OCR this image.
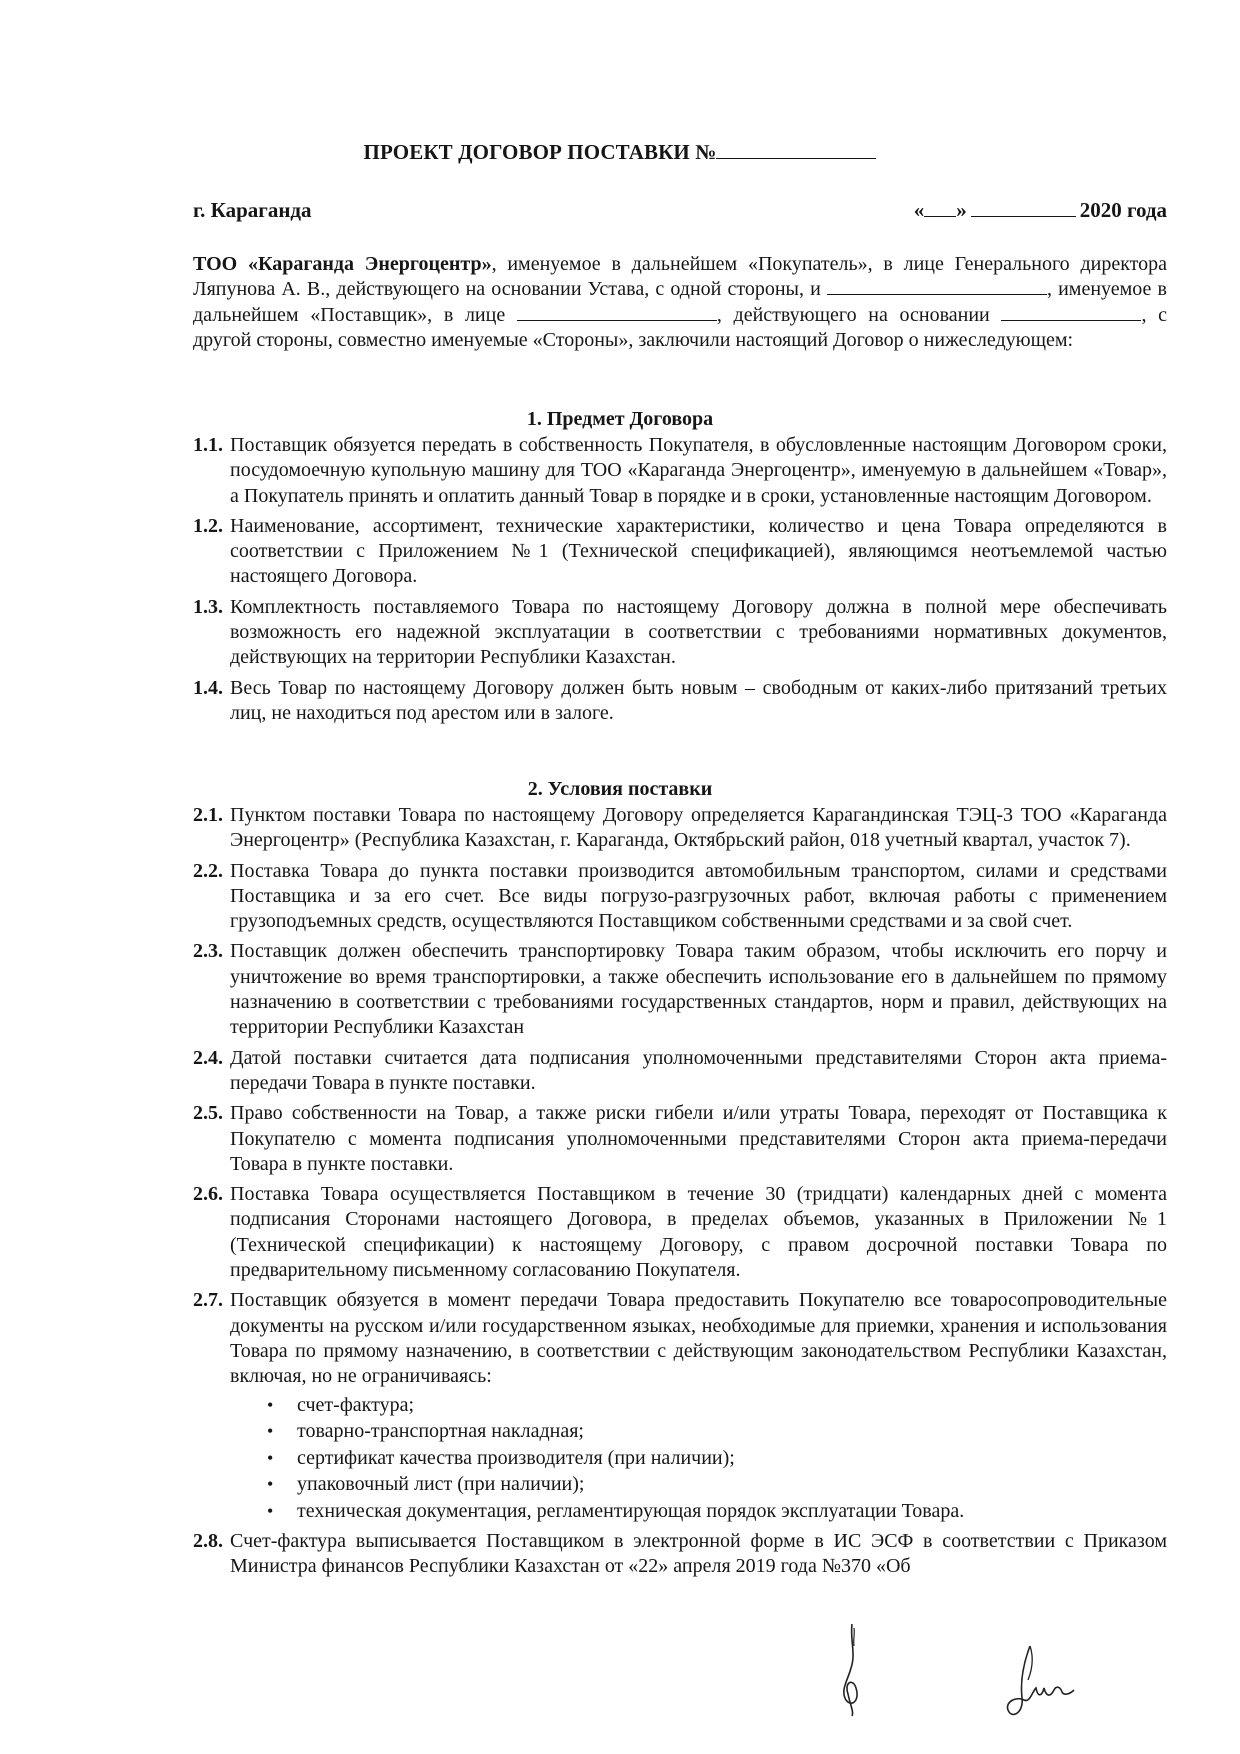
ПРОЕКТ ДОГОВОР ПОСТАВКИ №
г. Караганда	« »	2020 года
ТОО «Караганда Энергоцентр», именуемое в дальнейшем «Покупатель», в лице Генерального директора Ляпунова А. В., действующего на основании Устава, с одной стороны, и	, именуемое в дальнейшем «Поставщик», в лице	, действующего на основании	, с другой стороны, совместно именуемые «Стороны», заключили настоящий Договор о нижеследующем:
1. Предмет Договора
1.1. Поставщик обязуется передать в собственность Покупателя, в обусловленные настоящим Договором сроки, посудомоечную купольную машину для ТОО «Караганда Энергоцентр», именуемую в дальнейшем «Товар», а Покупатель принять и оплатить данный Товар в порядке и в сроки, установленные настоящим Договором.
1.2. Наименование, ассортимент, технические характеристики, количество и цена Товара определяются в соответствии с Приложением №1 (Технической спецификацией), являющимся неотъемлемой частью настоящего Договора.
1.3. Комплектность поставляемого Товара по настоящему Договору должна в полной мере обеспечивать возможность его надежной эксплуатации в соответствии с требованиями нормативных документов, действующих на территории Республики Казахстан.
1.4. Весь Товар по настоящему Договору должен быть новым – свободным от каких-либо притязаний третьих лиц, не находиться под арестом или в залоге.
2. Условия поставки
2.1. Пунктом поставки Товара по настоящему Договору определяется Карагандинская ТЭЦ-3 ТОО «Караганда Энергоцентр» (Республика Казахстан, г. Караганда, Октябрьский район, 018 учетный квартал, участок 7).
2.2. Поставка Товара до пункта поставки производится автомобильным транспортом, силами и средствами Поставщика и за его счет. Все виды погрузо-разгрузочных работ, включая работы с применением грузоподъемных средств, осуществляются Поставщиком собственными средствами и за свой счет.
2.3. Поставщик должен обеспечить транспортировку Товара таким образом, чтобы исключить его порчу и уничтожение во время транспортировки, а также обеспечить использование его в дальнейшем по прямому назначению в соответствии с требованиями государственных стандартов, норм и правил, действующих на территории Республики Казахстан
2.4. Датой поставки считается дата подписания уполномоченными представителями Сторон акта приема-передачи Товара в пункте поставки.
2.5. Право собственности на Товар, а также риски гибели и/или утраты Товара, переходят от Поставщика к Покупателю с момента подписания уполномоченными представителями Сторон акта приема-передачи Товара в пункте поставки.
2.6. Поставка Товара осуществляется Поставщиком в течение 30 (тридцати) календарных дней с момента подписания Сторонами настоящего Договора, в пределах объемов, указанных в Приложении №1 (Технической спецификации) к настоящему Договору, с правом досрочной поставки Товара по предварительному письменному согласованию Покупателя.
2.7. Поставщик обязуется в момент передачи Товара предоставить Покупателю все товаросопроводительные документы на русском и/или государственном языках, необходимые для приемки, хранения и использования Товара по прямому назначению, в соответствии с действующим законодательством Республики Казахстан, включая, но не ограничиваясь:
• счет-фактура;
• товарно-транспортная накладная;
• сертификат качества производителя (при наличии);
• упаковочный лист (при наличии);
• техническая документация, регламентирующая порядок эксплуатации Товара.
2.8. Счет-фактура выписывается Поставщиком в электронной форме в ИС ЭСФ в соответствии с Приказом Министра финансов Республики Казахстан от «22» апреля 2019 года №370 «Об
